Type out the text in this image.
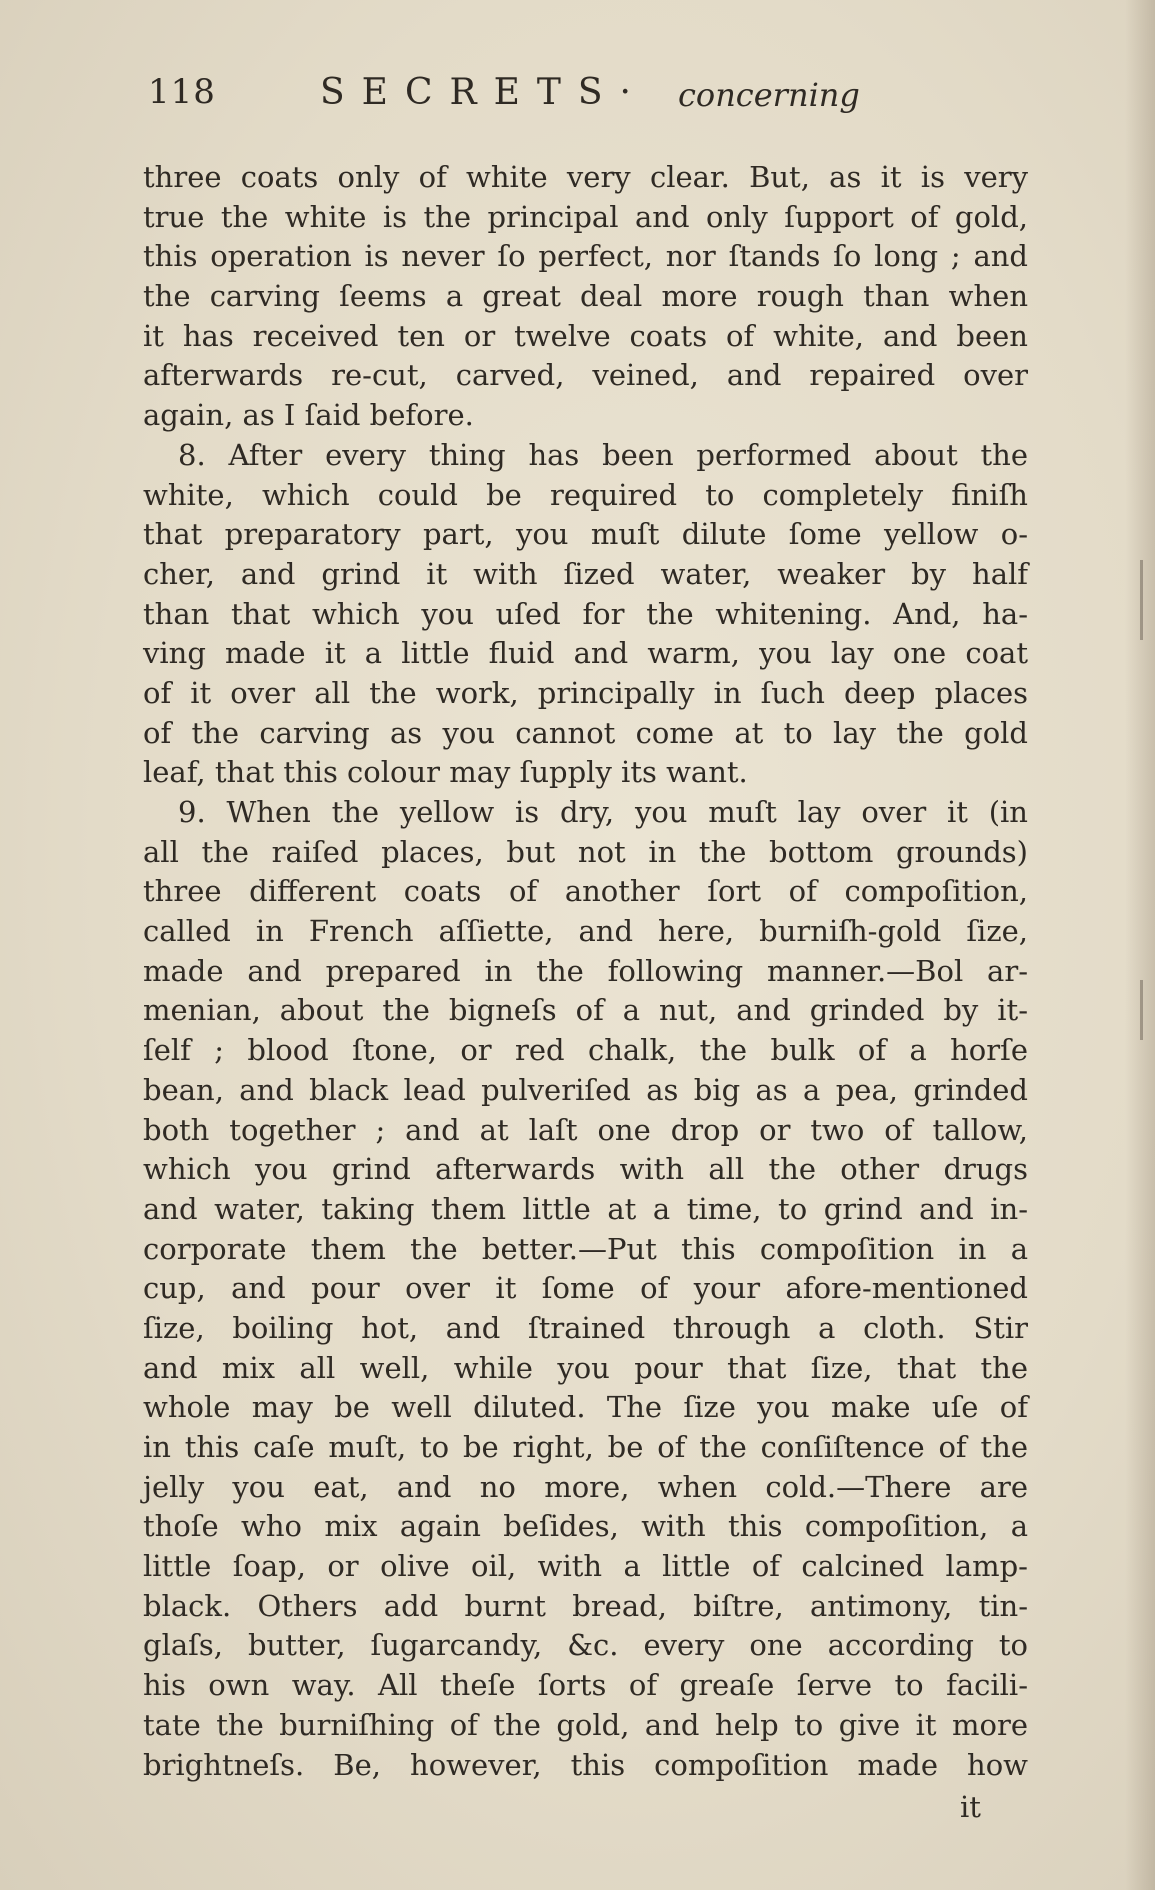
118	SECRETS· concerning
three coats only of white very clear. But, as it is very
true the white is the principal and only ſupport of gold,
this operation is never ſo perfect, nor ſtands ſo long ; and
the carving ſeems a great deal more rough than when
it has received ten or twelve coats of white, and been
afterwards re-cut, carved, veined, and repaired over
again, as I ſaid before.
8. After every thing has been performed about the
white, which could be required to completely finiſh
that preparatory part, you muſt dilute ſome yellow o-
cher, and grind it with ſized water, weaker by half
than that which you uſed for the whitening. And, ha-
ving made it a little fluid and warm, you lay one coat
of it over all the work, principally in ſuch deep places
of the carving as you cannot come at to lay the gold
leaf, that this colour may ſupply its want.
9. When the yellow is dry, you muſt lay over it (in
all the raiſed places, but not in the bottom grounds)
three different coats of another ſort of compoſition,
called in French aſſiette, and here, burniſh-gold ſize,
made and prepared in the following manner.—Bol ar-
menian, about the bigneſs of a nut, and grinded by it-
ſelf ; blood ſtone, or red chalk, the bulk of a horſe
bean, and black lead pulveriſed as big as a pea, grinded
both together ; and at laſt one drop or two of tallow,
which you grind afterwards with all the other drugs
and water, taking them little at a time, to grind and in-
corporate them the better.—Put this compoſition in a
cup, and pour over it ſome of your afore-mentioned
ſize, boiling hot, and ſtrained through a cloth. Stir
and mix all well, while you pour that ſize, that the
whole may be well diluted. The ſize you make uſe of
in this caſe muſt, to be right, be of the conſiſtence of the
jelly you eat, and no more, when cold.—There are
thoſe who mix again beſides, with this compoſition, a
little ſoap, or olive oil, with a little of calcined lamp-
black. Others add burnt bread, biſtre, antimony, tin-
glaſs, butter, ſugarcandy, &c. every one according to
his own way. All theſe ſorts of greaſe ſerve to facili-
tate the burniſhing of the gold, and help to give it more
brightneſs. Be, however, this compoſition made how
it
